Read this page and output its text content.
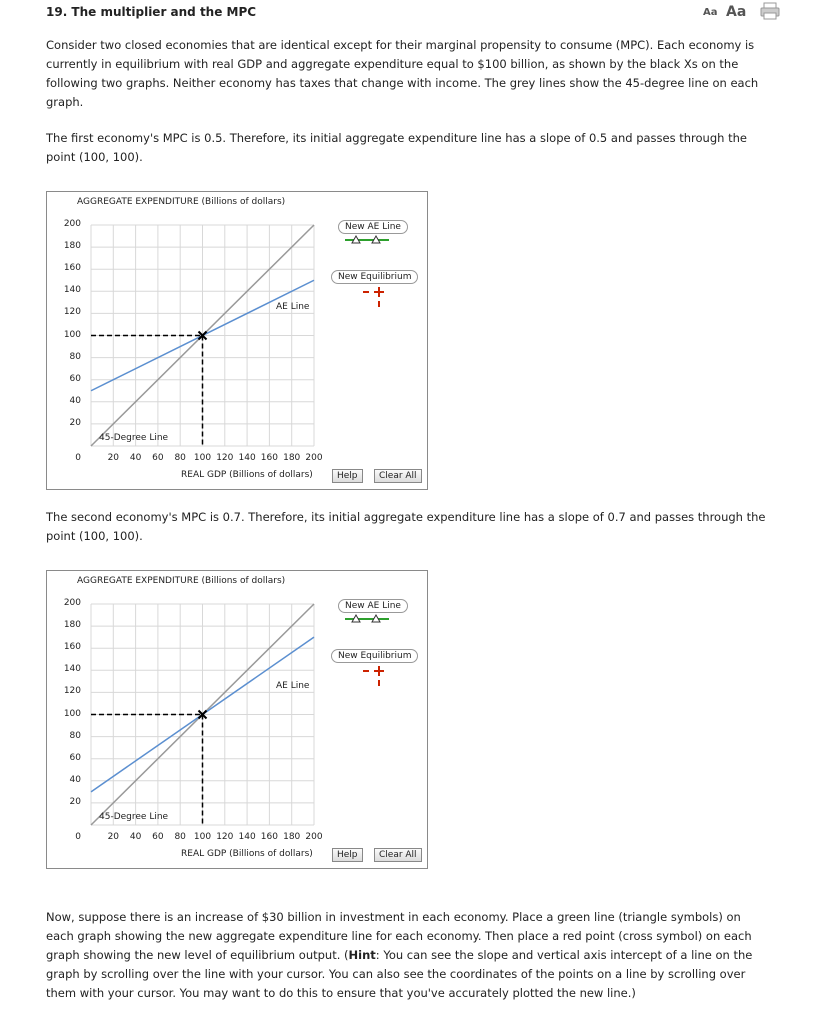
19. The multiplier and the MPC	Aa Aa
Consider two closed economies that are identical except for their marginal propensity to consume (MPC). Each economy is currently in equilibrium with real GDP and aggregate expenditure equal to $100 billion, as shown by the black Xs on the following two graphs. Neither economy has taxes that change with income. The grey lines show the 45-degree line on each graph.
The first economy's MPC is 0.5. Therefore, its initial aggregate expenditure line has a slope of 0.5 and passes through the point (100, 100).
AGGREGATE EXPENDITURE (Billions of dollars)
REAL GDP (Billions of dollars)
AE Line
45-Degree Line
New AE Line
New Equilibrium
Help	Clear All
200
180
160
140
120
100
80
60
40
20
0	20	40	60	80 100 120 140 160 180 200
The second economy's MPC is 0.7. Therefore, its initial aggregate expenditure line has a slope of 0.7 and passes through the point (100, 100).
AGGREGATE EXPENDITURE (Billions of dollars)
REAL GDP (Billions of dollars)
AE Line
45-Degree Line
New AE Line
New Equilibrium
Help	Clear All
200
180
160
140
120
100
80
60
40
20
0	20	40	60	80 100 120 140 160 180 200
Now, suppose there is an increase of $30 billion in investment in each economy. Place a green line (triangle symbols) on each graph showing the new aggregate expenditure line for each economy. Then place a red point (cross symbol) on each graph showing the new level of equilibrium output. (Hint: You can see the slope and vertical axis intercept of a line on the graph by scrolling over the line with your cursor. You can also see the coordinates of the points on a line by scrolling over them with your cursor. You may want to do this to ensure that you've accurately plotted the new line.)
